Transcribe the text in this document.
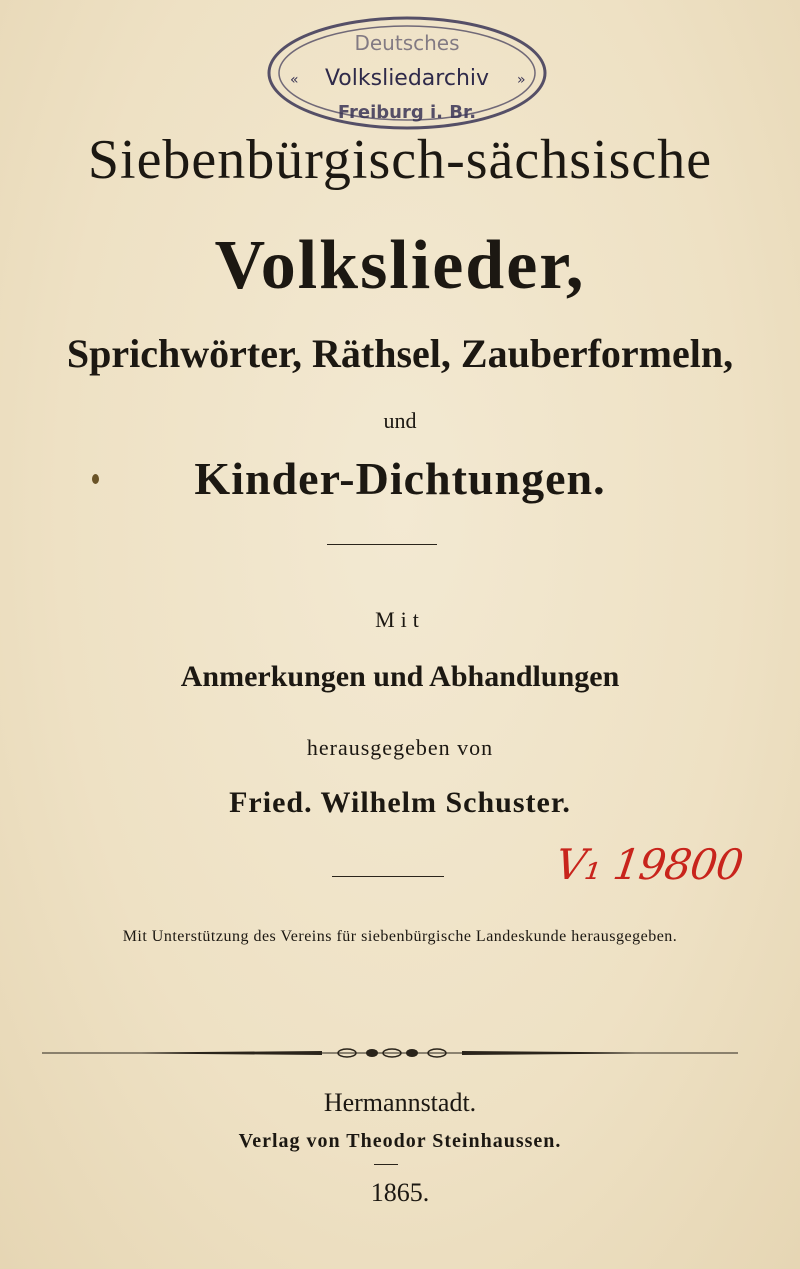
Deutsches
« Volksliedarchiv »
Freiburg i. Br.
Siebenbürgisch-sächsische
Volkslieder,
Sprichwörter, Räthsel, Zauberformeln,
und
Kinder-Dichtungen.
Mit
Anmerkungen und Abhandlungen
herausgegeben von
Fried. Wilhelm Schuster.
V₁ 19800
Mit Unterstützung des Vereins für siebenbürgische Landeskunde herausgegeben.
Hermannstadt.
Verlag von Theodor Steinhaussen.
1865.
